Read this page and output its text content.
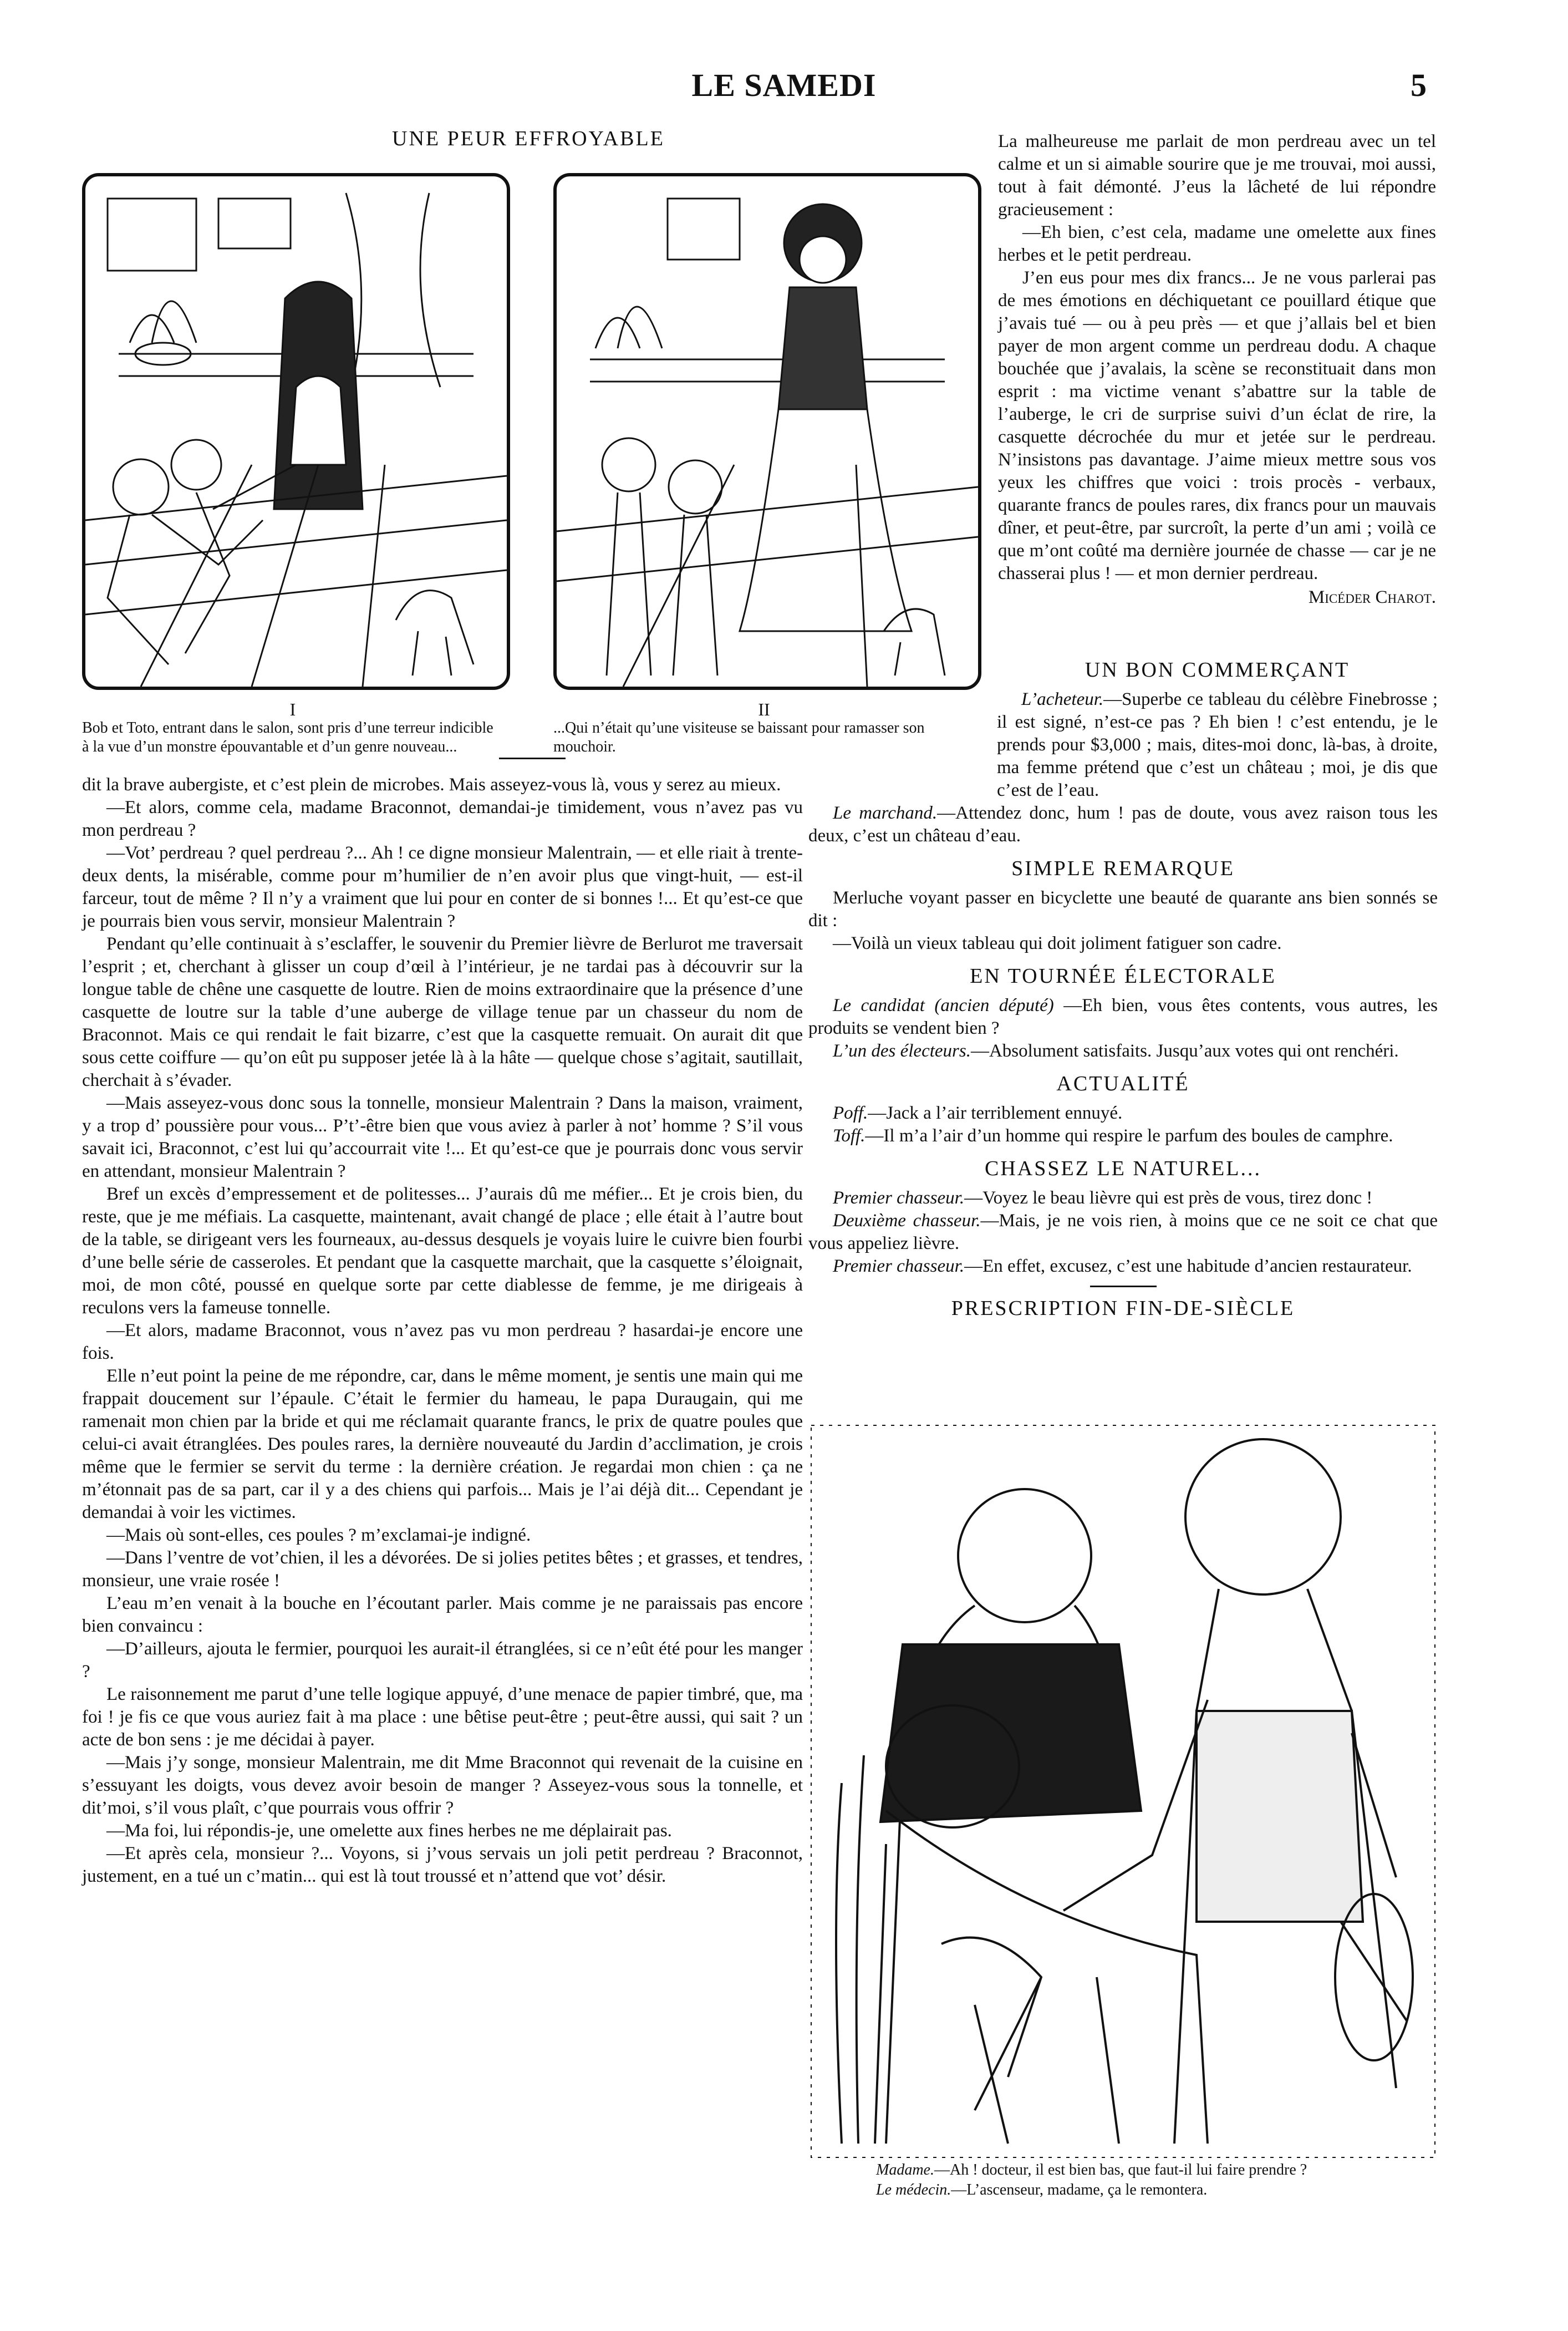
LE SAMEDI	5
UNE PEUR EFFROYABLE
I
Bob et Toto, entrant dans le salon, sont pris d’une terreur indicible à la vue d’un monstre épouvantable et d’un genre nouveau...
II
...Qui n’était qu’une visiteuse se baissant pour ramasser son mouchoir.

La malheureuse me parlait de mon perdreau avec un tel calme et un si aimable sourire que je me trouvai, moi aussi, tout à fait démonté. J’eus la lâcheté de lui répondre gracieusement :

—Eh bien, c’est cela, madame une omelette aux fines herbes et le petit perdreau.

J’en eus pour mes dix francs... Je ne vous parlerai pas de mes émotions en déchiquetant ce pouillard étique que j’avais tué — ou à peu près — et que j’allais bel et bien payer de mon argent comme un perdreau dodu. A chaque bouchée que j’avalais, la scène se reconstituait dans mon esprit : ma victime venant s’abattre sur la table de l’auberge, le cri de surprise suivi d’un éclat de rire, la casquette décrochée du mur et jetée sur le perdreau. N’insistons pas davantage. J’aime mieux mettre sous vos yeux les chiffres que voici : trois procès - verbaux, quarante francs de poules rares, dix francs pour un mauvais dîner, et peut-être, par surcroît, la perte d’un ami ; voilà ce que m’ont coûté ma dernière journée de chasse — car je ne chasserai plus ! — et mon dernier perdreau.

Micéder Charot.

dit la brave aubergiste, et c’est plein de microbes. Mais asseyez-vous là, vous y serez au mieux.

—Et alors, comme cela, madame Braconnot, demandai-je timidement, vous n’avez pas vu mon perdreau ?

—Vot’ perdreau ? quel perdreau ?... Ah ! ce digne monsieur Malentrain, — et elle riait à trente-deux dents, la misérable, comme pour m’humilier de n’en avoir plus que vingt-huit, — est-il farceur, tout de même ? Il n’y a vraiment que lui pour en conter de si bonnes !... Et qu’est-ce que je pourrais bien vous servir, monsieur Malentrain ?

Pendant qu’elle continuait à s’esclaffer, le souvenir du Premier lièvre de Berlurot me traversait l’esprit ; et, cherchant à glisser un coup d’œil à l’intérieur, je ne tardai pas à découvrir sur la longue table de chêne une casquette de loutre. Rien de moins extraordinaire que la présence d’une casquette de loutre sur la table d’une auberge de village tenue par un chasseur du nom de Braconnot. Mais ce qui rendait le fait bizarre, c’est que la casquette remuait. On aurait dit que sous cette coiffure — qu’on eût pu supposer jetée là à la hâte — quelque chose s’agitait, sautillait, cherchait à s’évader.

—Mais asseyez-vous donc sous la tonnelle, monsieur Malentrain ? Dans la maison, vraiment, y a trop d’ poussière pour vous... P’t’-être bien que vous aviez à parler à not’ homme ? S’il vous savait ici, Braconnot, c’est lui qu’accourrait vite !... Et qu’est-ce que je pourrais donc vous servir en attendant, monsieur Malentrain ?

Bref un excès d’empressement et de politesses... J’aurais dû me méfier... Et je crois bien, du reste, que je me méfiais. La casquette, maintenant, avait changé de place ; elle était à l’autre bout de la table, se dirigeant vers les fourneaux, au-dessus desquels je voyais luire le cuivre bien fourbi d’une belle série de casseroles. Et pendant que la casquette marchait, que la casquette s’éloignait, moi, de mon côté, poussé en quelque sorte par cette diablesse de femme, je me dirigeais à reculons vers la fameuse tonnelle.

—Et alors, madame Braconnot, vous n’avez pas vu mon perdreau ? hasardai-je encore une fois.

Elle n’eut point la peine de me répondre, car, dans le même moment, je sentis une main qui me frappait doucement sur l’épaule. C’était le fermier du hameau, le papa Duraugain, qui me ramenait mon chien par la bride et qui me réclamait quarante francs, le prix de quatre poules que celui-ci avait étranglées. Des poules rares, la dernière nouveauté du Jardin d’acclimation, je crois même que le fermier se servit du terme : la dernière création. Je regardai mon chien : ça ne m’étonnait pas de sa part, car il y a des chiens qui parfois... Mais je l’ai déjà dit... Cependant je demandai à voir les victimes.

—Mais où sont-elles, ces poules ? m’exclamai-je indigné.

—Dans l’ventre de vot’chien, il les a dévorées. De si jolies petites bêtes ; et grasses, et tendres, monsieur, une vraie rosée !

L’eau m’en venait à la bouche en l’écoutant parler. Mais comme je ne paraissais pas encore bien convaincu :

—D’ailleurs, ajouta le fermier, pourquoi les aurait-il étranglées, si ce n’eût été pour les manger ?

Le raisonnement me parut d’une telle logique appuyé, d’une menace de papier timbré, que, ma foi ! je fis ce que vous auriez fait à ma place : une bêtise peut-être ; peut-être aussi, qui sait ? un acte de bon sens : je me décidai à payer.

—Mais j’y songe, monsieur Malentrain, me dit Mme Braconnot qui revenait de la cuisine en s’essuyant les doigts, vous devez avoir besoin de manger ? Asseyez-vous sous la tonnelle, et dit’moi, s’il vous plaît, c’que pourrais vous offrir ?

—Ma foi, lui répondis-je, une omelette aux fines herbes ne me déplairait pas.

—Et après cela, monsieur ?... Voyons, si j’vous servais un joli petit perdreau ? Braconnot, justement, en a tué un c’matin... qui est là tout troussé et n’attend que vot’ désir.

UN BON COMMERÇANT

L’acheteur.—Superbe ce tableau du célèbre Finebrosse ; il est signé, n’est-ce pas ? Eh bien ! c’est entendu, je le prends pour $3,000 ; mais, dites-moi donc, là-bas, à droite, ma femme prétend que c’est un château ; moi, je dis que c’est de l’eau.

Le marchand.—Attendez donc, hum ! pas de doute, vous avez raison tous les deux, c’est un château d’eau.

SIMPLE REMARQUE

Merluche voyant passer en bicyclette une beauté de quarante ans bien sonnés se dit :

—Voilà un vieux tableau qui doit joliment fatiguer son cadre.

EN TOURNÉE ÉLECTORALE

Le candidat (ancien député) —Eh bien, vous êtes contents, vous autres, les produits se vendent bien ?

L’un des électeurs.—Absolument satisfaits. Jusqu’aux votes qui ont renchéri.

ACTUALITÉ

Poff.—Jack a l’air terriblement ennuyé.

Toff.—Il m’a l’air d’un homme qui respire le parfum des boules de camphre.

CHASSEZ LE NATUREL...

Premier chasseur.—Voyez le beau lièvre qui est près de vous, tirez donc !

Deuxième chasseur.—Mais, je ne vois rien, à moins que ce ne soit ce chat que vous appeliez lièvre.

Premier chasseur.—En effet, excusez, c’est une habitude d’ancien restaurateur.

PRESCRIPTION FIN-DE-SIÈCLE
Madame.—Ah ! docteur, il est bien bas, que faut-il lui faire prendre ?
Le médecin.—L’ascenseur, madame, ça le remontera.
